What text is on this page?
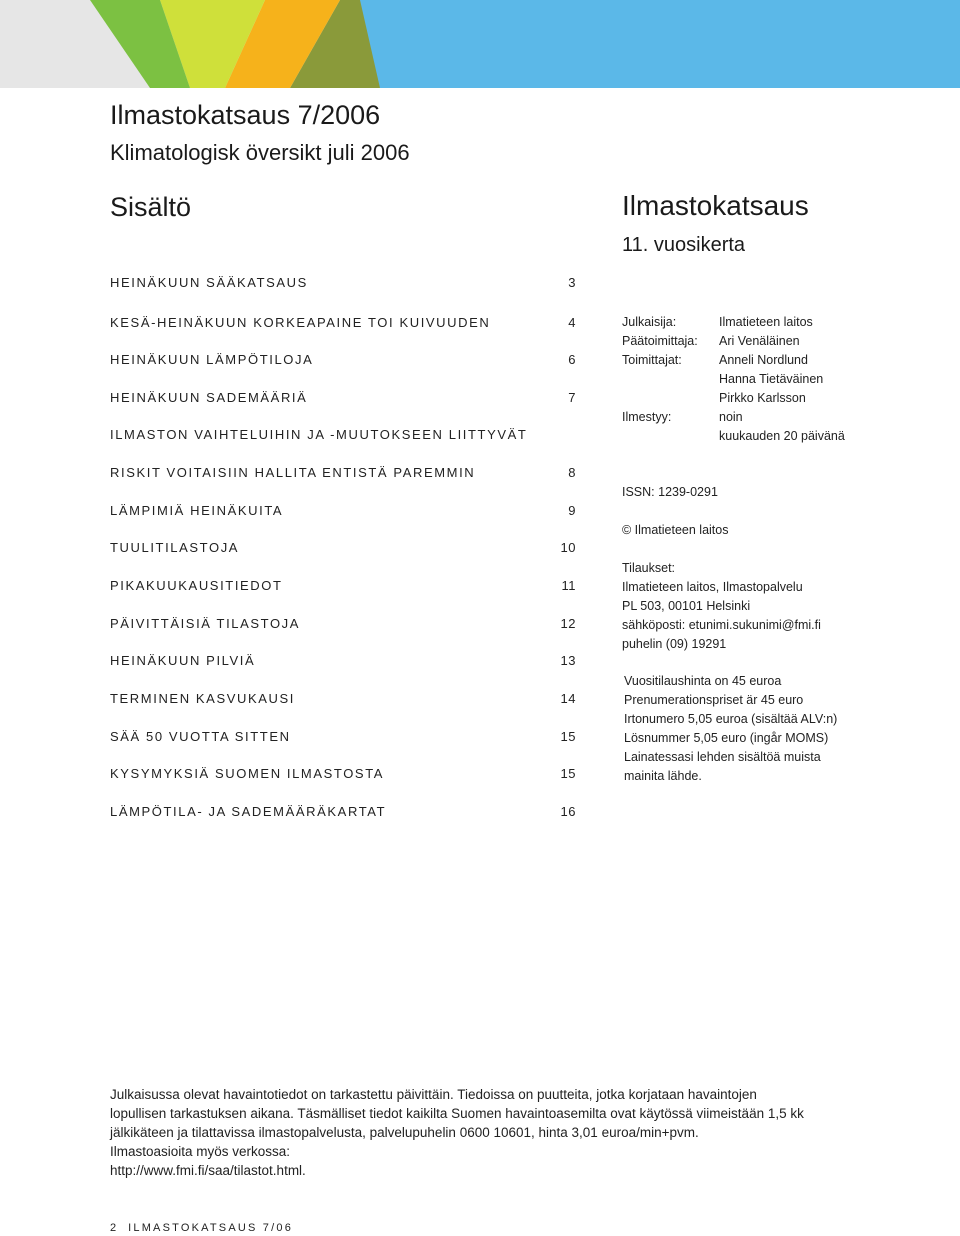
Ilmastokatsaus 7/2006
Klimatologisk översikt juli 2006
Sisältö	Ilmastokatsaus
11. vuosikerta
HEINÄKUUN SÄÄKATSAUS	3
KESÄ-HEINÄKUUN KORKEAPAINE TOI KUIVUUDEN	4
HEINÄKUUN LÄMPÖTILOJA	6
HEINÄKUUN SADEMÄÄRIÄ	7
ILMASTON VAIHTELUIHIN JA -MUUTOKSEEN LIITTYVÄT
RISKIT VOITAISIIN HALLITA ENTISTÄ PAREMMIN	8
LÄMPIMIÄ HEINÄKUITA	9
TUULITILASTOJA	10
PIKAKUUKAUSITIEDOT	11
PÄIVITTÄISIÄ TILASTOJA	12
HEINÄKUUN PILVIÄ	13
TERMINEN KASVUKAUSI	14
SÄÄ 50 VUOTTA SITTEN	15
KYSYMYKSIÄ SUOMEN ILMASTOSTA	15
LÄMPÖTILA- JA SADEMÄÄRÄKARTAT	16
Julkaisija:	Ilmatieteen laitos
Päätoimittaja: Ari Venäläinen
Toimittajat:	Anneli Nordlund
Hanna Tietäväinen
Pirkko Karlsson
Ilmestyy:	noin
kuukauden 20 päivänä
ISSN: 1239-0291
© Ilmatieteen laitos
Tilaukset:
Ilmatieteen laitos, Ilmastopalvelu
PL 503, 00101 Helsinki
sähköposti: etunimi.sukunimi@fmi.fi
puhelin (09) 19291
Vuositilaushinta on 45 euroa
Prenumerationspriset är 45 euro
Irtonumero 5,05 euroa (sisältää ALV:n)
Lösnummer 5,05 euro (ingår MOMS)
Lainatessasi lehden sisältöä muista
mainita lähde.
Julkaisussa olevat havaintotiedot on tarkastettu päivittäin. Tiedoissa on puutteita, jotka korjataan havaintojen
lopullisen tarkastuksen aikana. Täsmälliset tiedot kaikilta Suomen havaintoasemilta ovat käytössä viimeistään 1,5 kk
jälkikäteen ja tilattavissa ilmastopalvelusta, palvelupuhelin 0600 10601, hinta 3,01 euroa/min+pvm.
Ilmastoasioita myös verkossa:
http://www.fmi.fi/saa/tilastot.html.
2 ILMASTOKATSAUS 7/06
